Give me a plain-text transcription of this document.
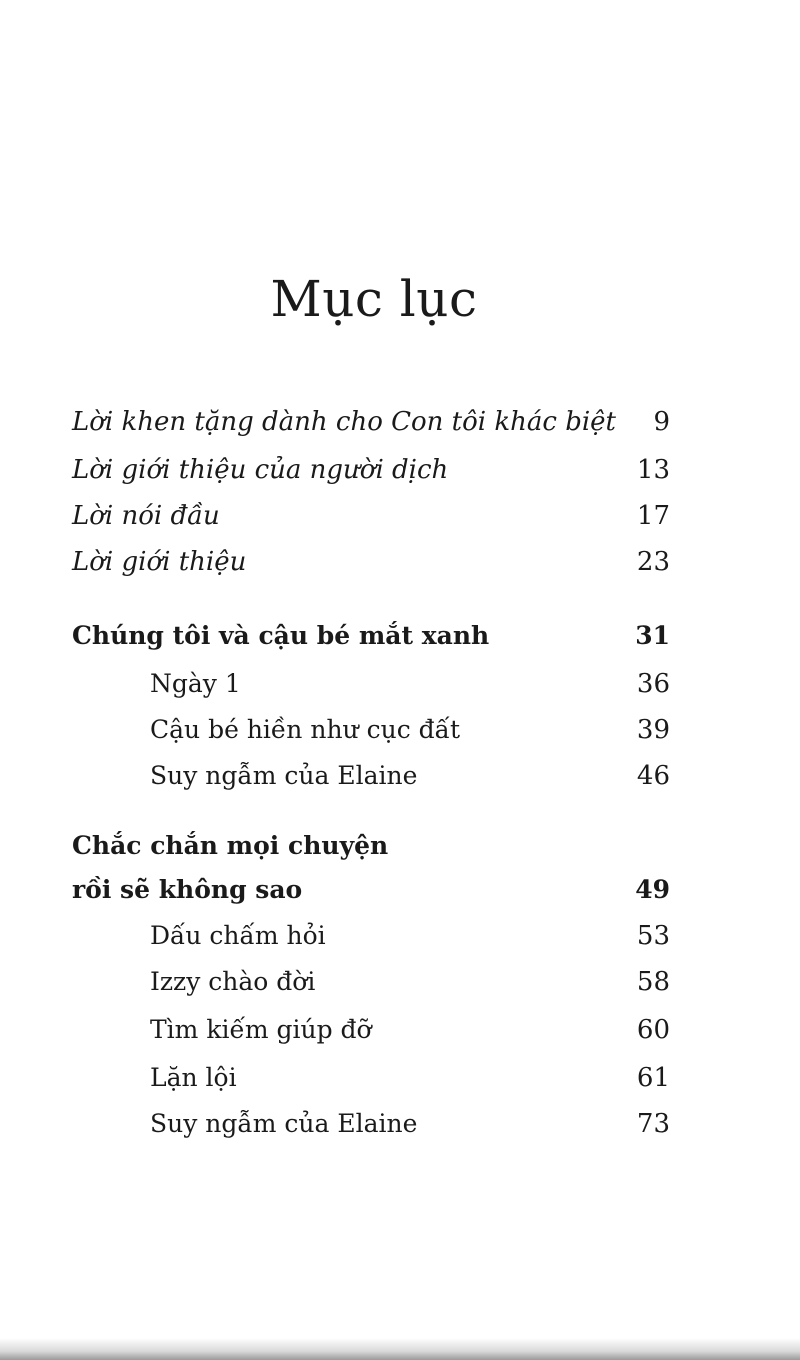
Mục lục
Lời khen tặng dành cho Con tôi khác biệt 9
Lời giới thiệu của người dịch	13
Lời nói đầu	17
Lời giới thiệu	23
Chúng tôi và cậu bé mắt xanh	31
Ngày 1	36
Cậu bé hiền như cục đất	39
Suy ngẫm của Elaine	46
Chắc chắn mọi chuyện
rồi sẽ không sao	49
Dấu chấm hỏi	53
Izzy chào đời	58
Tìm kiếm giúp đỡ	60
Lặn lội	61
Suy ngẫm của Elaine	73
